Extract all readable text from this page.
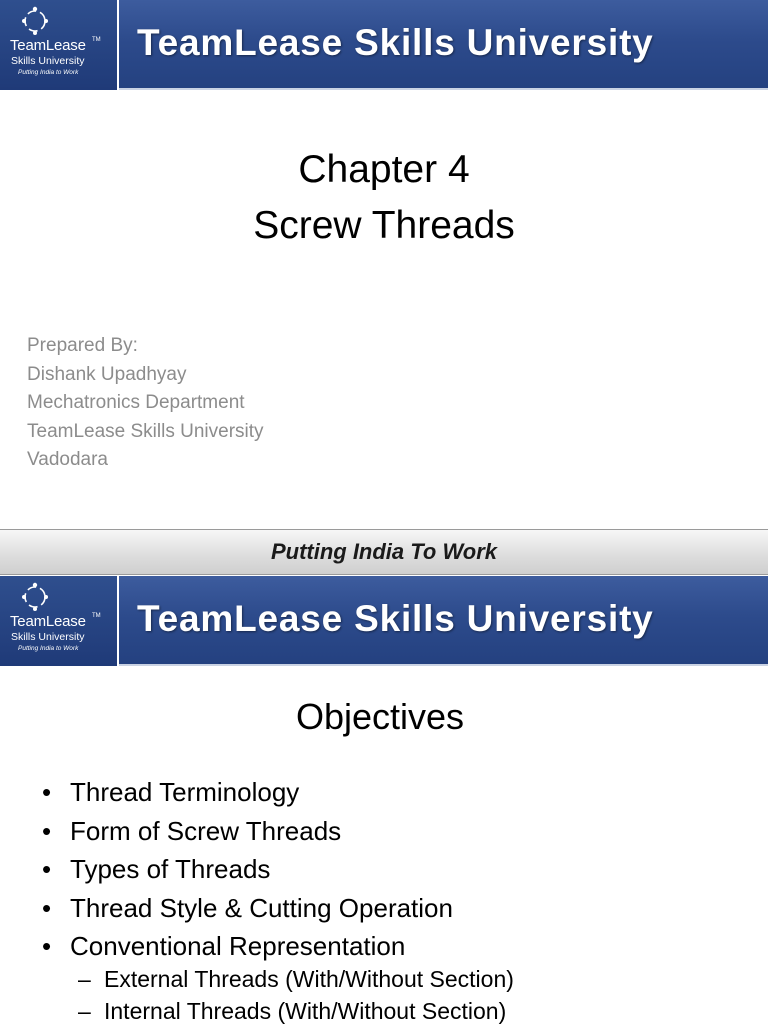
TeamLease TM
Skills University
Putting India to Work
TeamLease Skills University
Chapter 4
Screw Threads
Prepared By:
Dishank Upadhyay
Mechatronics Department
TeamLease Skills University
Vadodara
Putting India To Work
TeamLease TM
Skills University
Putting India to Work
TeamLease Skills University
Objectives
• Thread Terminology
• Form of Screw Threads
• Types of Threads
• Thread Style & Cutting Operation
• Conventional Representation
– External Threads (With/Without Section)
– Internal Threads (With/Without Section)
